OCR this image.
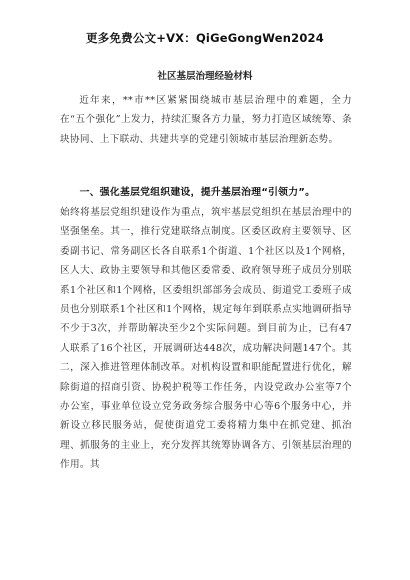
更多免费公文+VX：QiGeGongWen2024
社区基层治理经验材料
近年来，**市**区紧紧围绕城市基层治理中的难题，全力在“五个强化”上发力，持续汇聚各方力量，努力打造区域统筹、条块协同、上下联动、共建共享的党建引领城市基层治理新态势。
一、强化基层党组织建设，提升基层治理“引领力”。
始终将基层党组织建设作为重点，筑牢基层党组织在基层治理中的坚强堡垒。其一，推行党建联络点制度。区委区政府主要领导、区委副书记、常务副区长各自联系1个街道、1个社区以及1个网格，区人大、政协主要领导和其他区委常委、政府领导班子成员分别联系1个社区和1个网格，区委组织部部务会成员、街道党工委班子成员也分别联系1个社区和1个网格，规定每年到联系点实地调研指导不少于3次，并帮助解决至少2个实际问题。到目前为止，已有47人联系了16个社区，开展调研达448次，成功解决问题147个。其二，深入推进管理体制改革。对机构设置和职能配置进行优化，解除街道的招商引资、协税护税等工作任务，内设党政办公室等7个办公室，事业单位设立党务政务综合服务中心等6个服务中心，并新设立移民服务站，促使街道党工委将精力集中在抓党建、抓治理、抓服务的主业上，充分发挥其统筹协调各方、引领基层治理的作用。其
